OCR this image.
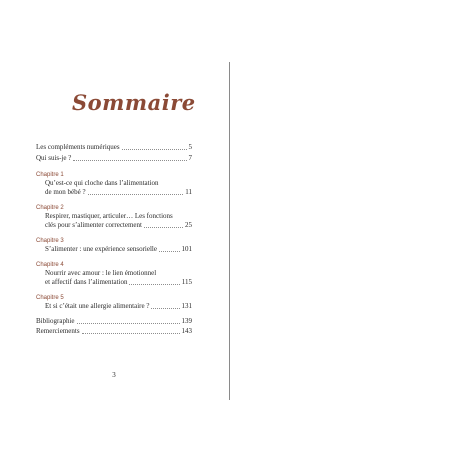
Sommaire
Les compléments numériques	5
Qui suis-je ?	7
Chapitre 1
Qu’est-ce qui cloche dans l’alimentation
de mon bébé ?	11
Chapitre 2
Respirer, mastiquer, articuler… Les fonctions
clés pour s’alimenter correctement	25
Chapitre 3
S’alimenter : une expérience sensorielle	101
Chapitre 4
Nourrir avec amour : le lien émotionnel
et affectif dans l’alimentation	115
Chapitre 5
Et si c’était une allergie alimentaire ?	131
Bibliographie	139
Remerciements	143
3
